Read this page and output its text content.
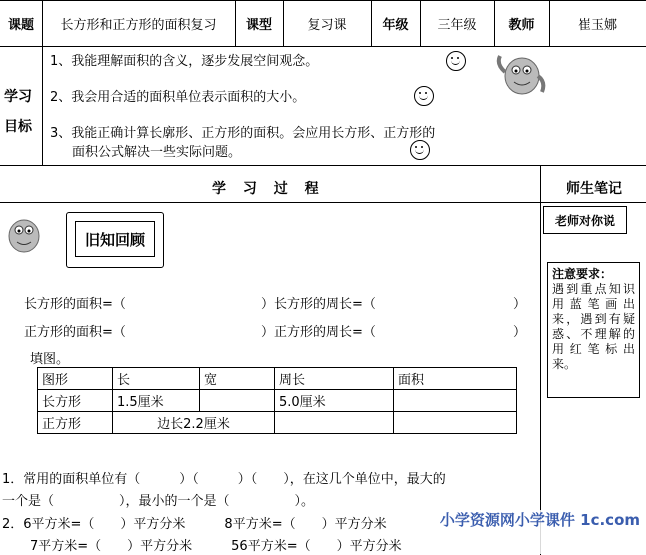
课题	长方形和正方形的面积复习	课型	复习课	年级	三年级	教师	崔玉娜
学习
目标
1、我能理解面积的含义，逐步发展空间观念。
2、我会用合适的面积单位表示面积的大小。
3、我能正确计算长廓形、正方形的面积。会应用长方形、正方形的
面积公式解决一些实际问题。
学 习 过 程	师生笔记
旧知回顾
老师对你说
注意要求：
遇到重点知识用蓝笔画出来，遇到有疑惑、不理解的用红笔标出来。
长方形的面积=（	）长方形的周长=（	）
正方形的面积=（	）正方形的周长=（	）
填图。
图形	长	宽	周长	面积
长方形	1.5厘米		5.0厘米	
正方形	边长2.2厘米			
1．常用的面积单位有（　　　）（　　　）（　　），在这几个单位中，最大的
一个是（　　　　　），最小的一个是（　　　　　）。
2．6平方米=（　　）平方分米　　　8平方米=（　　）平方分米
7平方米=（　　）平方分米　　　56平方米=（　　）平方分米
小学资源网小学课件 1c.com
